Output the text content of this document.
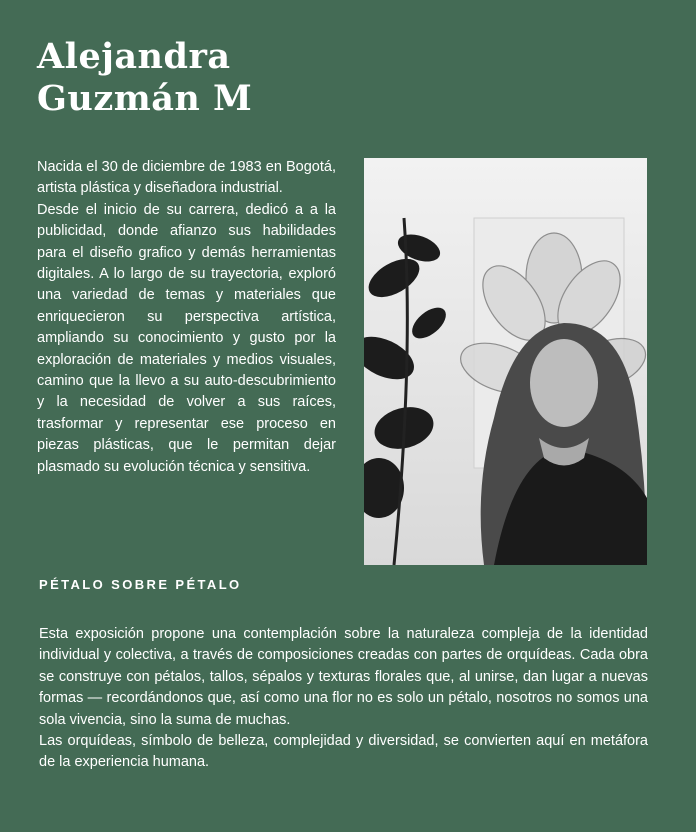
Alejandra
Guzmán M

Nacida el 30 de diciembre de 1983 en Bogotá, artista plástica y diseñadora industrial.
Desde el inicio de su carrera, dedicó a a la publicidad, donde afianzo sus habilidades para el diseño grafico y demás herramientas digitales. A lo largo de su trayectoria, exploró una variedad de temas y materiales que enriquecieron su perspectiva artística, ampliando su conocimiento y gusto por la exploración de materiales y medios visuales, camino que la llevo a su auto-descubrimiento y la necesidad de volver a sus raíces, trasformar y representar ese proceso en piezas plásticas, que le permitan dejar plasmado su evolución técnica y sensitiva.

PÉTALO SOBRE PÉTALO

Esta exposición propone una contemplación sobre la naturaleza compleja de la identidad individual y colectiva, a través de composiciones creadas con partes de orquídeas. Cada obra se construye con pétalos, tallos, sépalos y texturas florales que, al unirse, dan lugar a nuevas formas — recordándonos que, así como una flor no es solo un pétalo, nosotros no somos una sola vivencia, sino la suma de muchas.
Las orquídeas, símbolo de belleza, complejidad y diversidad, se convierten aquí en metáfora de la experiencia humana.
